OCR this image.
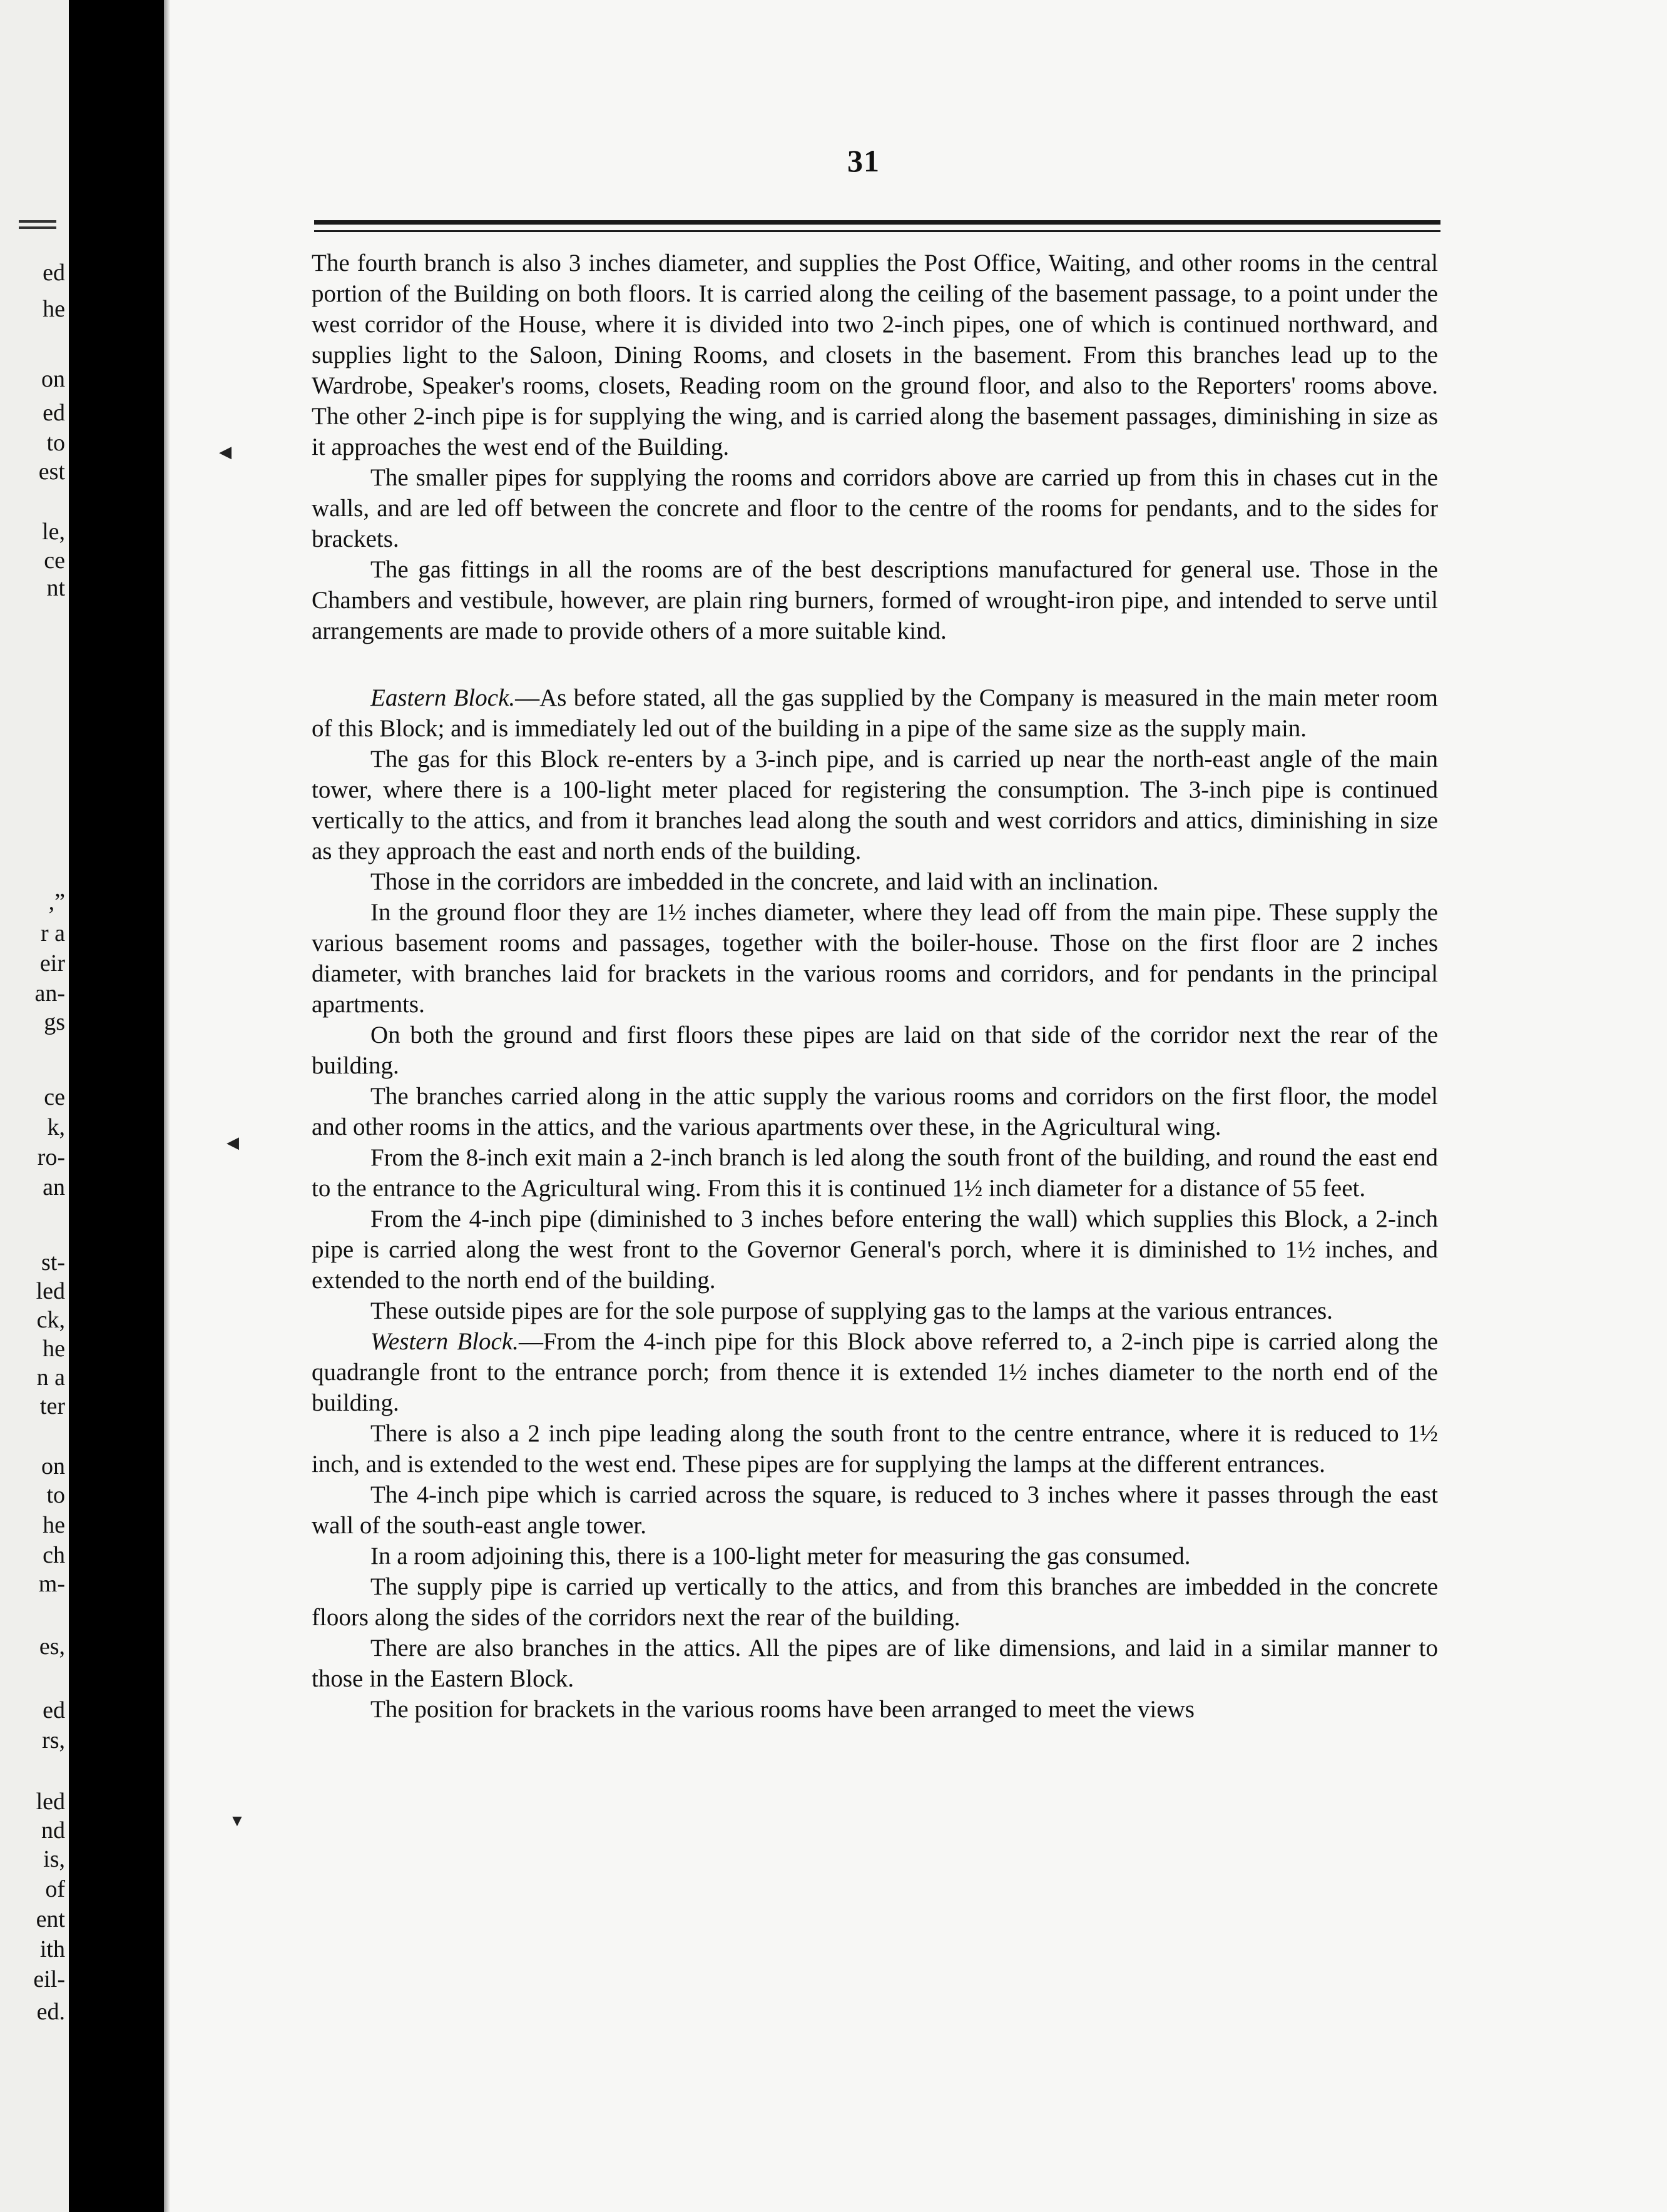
ed
he
on
ed
to
est
le,
ce
nt
,”
r a
eir
an-
gs
ce
k,
ro-
an
st-
led
ck,
he
n a
ter
on
to
he
ch
m-
es,
ed
rs,
led
nd
is,
of
ent
ith
eil-
ed.
◀
◀
▼
31

The fourth branch is also 3 inches diameter, and supplies the Post Office, Waiting, and other rooms in the central portion of the Building on both floors. It is carried along the ceiling of the basement passage, to a point under the west corridor of the House, where it is divided into two 2-inch pipes, one of which is continued northward, and supplies light to the Saloon, Dining Rooms, and closets in the basement. From this branches lead up to the Wardrobe, Speaker's rooms, closets, Reading room on the ground floor, and also to the Reporters' rooms above. The other 2-inch pipe is for supplying the wing, and is carried along the basement passages, diminishing in size as it approaches the west end of the Building.

The smaller pipes for supplying the rooms and corridors above are carried up from this in chases cut in the walls, and are led off between the concrete and floor to the centre of the rooms for pendants, and to the sides for brackets.

The gas fittings in all the rooms are of the best descriptions manufactured for general use. Those in the Chambers and vestibule, however, are plain ring burners, formed of wrought-iron pipe, and intended to serve until arrangements are made to provide others of a more suitable kind.

Eastern Block.—As before stated, all the gas supplied by the Company is measured in the main meter room of this Block; and is immediately led out of the building in a pipe of the same size as the supply main.

The gas for this Block re-enters by a 3-inch pipe, and is carried up near the north-east angle of the main tower, where there is a 100-light meter placed for registering the consumption. The 3-inch pipe is continued vertically to the attics, and from it branches lead along the south and west corridors and attics, diminishing in size as they approach the east and north ends of the building.

Those in the corridors are imbedded in the concrete, and laid with an inclination.

In the ground floor they are 1½ inches diameter, where they lead off from the main pipe. These supply the various basement rooms and passages, together with the boiler-house. Those on the first floor are 2 inches diameter, with branches laid for brackets in the various rooms and corridors, and for pendants in the principal apartments.

On both the ground and first floors these pipes are laid on that side of the corridor next the rear of the building.

The branches carried along in the attic supply the various rooms and corridors on the first floor, the model and other rooms in the attics, and the various apartments over these, in the Agricultural wing.

From the 8-inch exit main a 2-inch branch is led along the south front of the building, and round the east end to the entrance to the Agricultural wing. From this it is continued 1½ inch diameter for a distance of 55 feet.

From the 4-inch pipe (diminished to 3 inches before entering the wall) which supplies this Block, a 2-inch pipe is carried along the west front to the Governor General's porch, where it is diminished to 1½ inches, and extended to the north end of the building.

These outside pipes are for the sole purpose of supplying gas to the lamps at the various entrances.

Western Block.—From the 4-inch pipe for this Block above referred to, a 2-inch pipe is carried along the quadrangle front to the entrance porch; from thence it is extended 1½ inches diameter to the north end of the building.

There is also a 2 inch pipe leading along the south front to the centre entrance, where it is reduced to 1½ inch, and is extended to the west end. These pipes are for supplying the lamps at the different entrances.

The 4-inch pipe which is carried across the square, is reduced to 3 inches where it passes through the east wall of the south-east angle tower.

In a room adjoining this, there is a 100-light meter for measuring the gas consumed.

The supply pipe is carried up vertically to the attics, and from this branches are imbedded in the concrete floors along the sides of the corridors next the rear of the building.

There are also branches in the attics. All the pipes are of like dimensions, and laid in a similar manner to those in the Eastern Block.

The position for brackets in the various rooms have been arranged to meet the views
